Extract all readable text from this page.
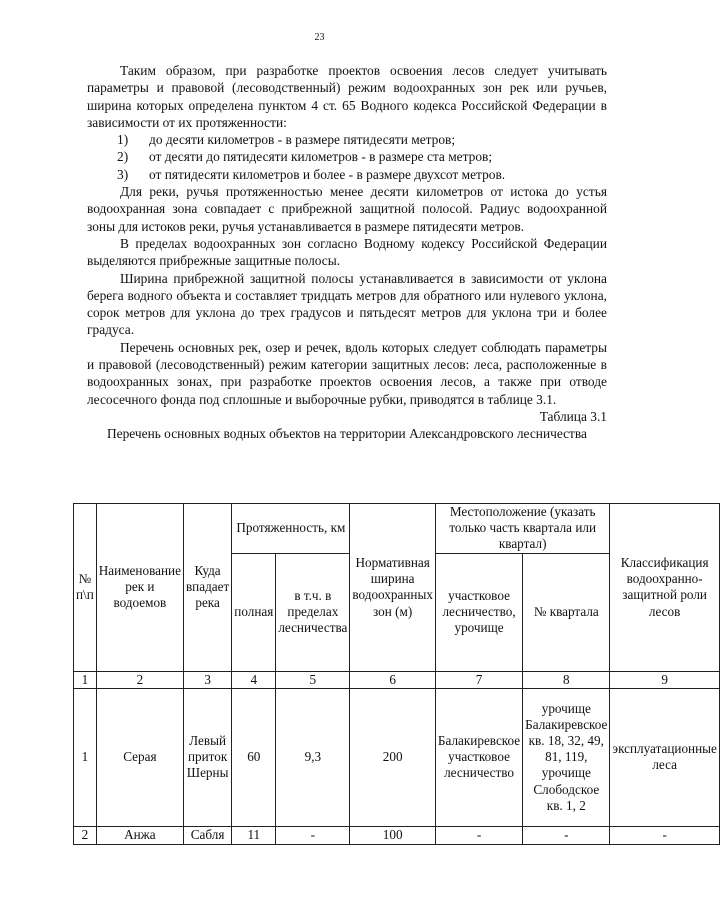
23

Таким образом, при разработке проектов освоения лесов следует учитывать параметры и правовой (лесоводственный) режим водоохранных зон рек или ручьев, ширина которых определена пунктом 4 ст. 65 Водного кодекса Российской Федерации в зависимости от их протяженности:

1)	до десяти километров - в размере пятидесяти метров;
2)	от десяти до пятидесяти километров - в размере ста метров;
3)	от пятидесяти километров и более - в размере двухсот метров.

Для реки, ручья протяженностью менее десяти километров от истока до устья водоохранная зона совпадает с прибрежной защитной полосой. Радиус водоохранной зоны для истоков реки, ручья устанавливается в размере пятидесяти метров.

В пределах водоохранных зон согласно Водному кодексу Российской Федерации выделяются прибрежные защитные полосы.

Ширина прибрежной защитной полосы устанавливается в зависимости от уклона берега водного объекта и составляет тридцать метров для обратного или нулевого уклона, сорок метров для уклона до трех градусов и пятьдесят метров для уклона три и более градуса.

Перечень основных рек, озер и речек, вдоль которых следует соблюдать параметры и правовой (лесоводственный) режим категории защитных лесов: леса, расположенные в водоохранных зонах, при разработке проектов освоения лесов, а также при отводе лесосечного фонда под сплошные и выборочные рубки, приводятся в таблице 3.1.

Таблица 3.1
Перечень основных водных объектов на территории Александровского лесничества
№ п\п	Наименование рек и водоемов	Куда впадает река	Протяженность, км		Нормативная ширина водоохранных зон (м)	Местоположение (указать только часть квартала или квартал)		Классификация водоохранно-защитной роли лесов
			полная	в т.ч. в пределах лесничества		участковое лесничество, урочище	№ квартала	
1	2	3	4	5	6	7	8	9
1	Серая	Левый приток Шерны	60	9,3	200	Балакиревское участковое лесничество	урочище Балакиревское кв. 18, 32, 49, 81, 119, урочище Слободское кв. 1, 2	эксплуатационные леса
2	Анжа	Сабля	11	-	100	-	-	-
